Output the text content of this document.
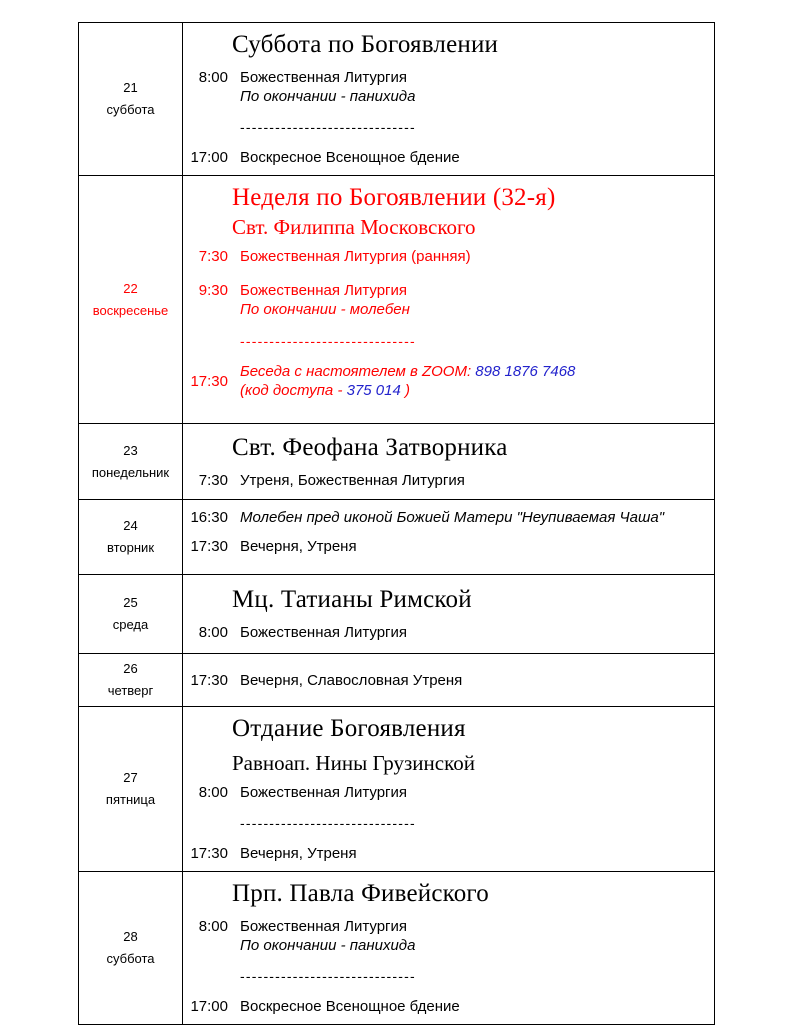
21
суббота
Суббота по Богоявлении
8:00 Божественная Литургия
По окончании - панихида
------------------------------
17:00 Воскресное Всенощное бдение
22
воскресенье
Неделя по Богоявлении (32-я)
Свт. Филиппа Московского
7:30 Божественная Литургия (ранняя)
9:30 Божественная Литургия
По окончании - молебен
------------------------------
17:30
Беседа с настоятелем в ZOOM: 898 1876 7468
(код доступа - 375 014 )
23
понедельник
Свт. Феофана Затворника
7:30 Утреня, Божественная Литургия
24
вторник
16:30 Молебен пред иконой Божией Матери "Неупиваемая Чаша"
17:30 Вечерня, Утреня
25
среда
Мц. Татианы Римской
8:00 Божественная Литургия
26
четверг
17:30 Вечерня, Славословная Утреня
27
пятница
Отдание Богоявления
Равноап. Нины Грузинской
8:00 Божественная Литургия
------------------------------
17:30 Вечерня, Утреня
28
суббота
Прп. Павла Фивейского
8:00 Божественная Литургия
По окончании - панихида
------------------------------
17:00 Воскресное Всенощное бдение
